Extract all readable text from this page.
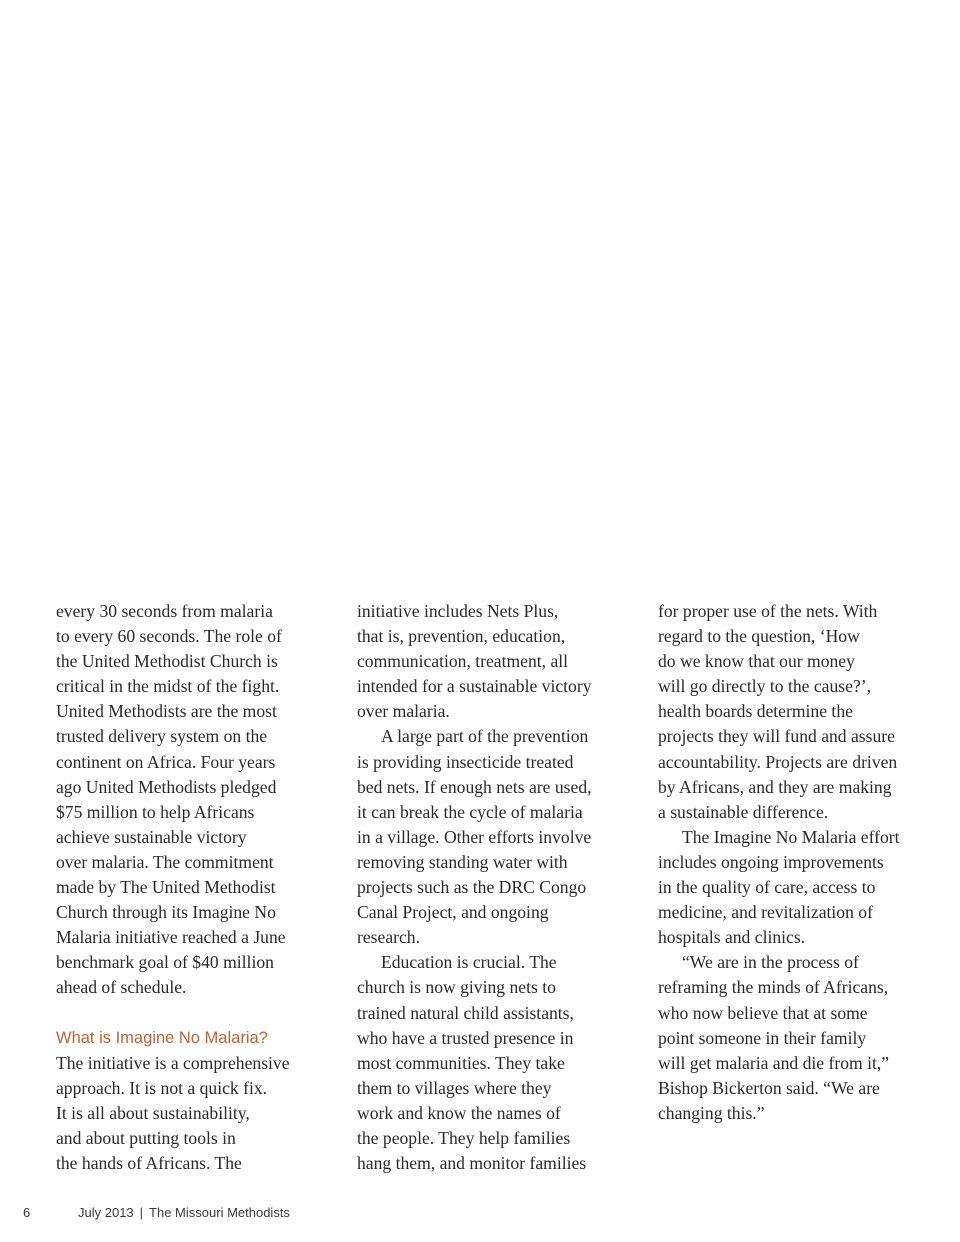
every 30 seconds from malaria
to every 60 seconds. The role of
the United Methodist Church is
critical in the midst of the fight.
United Methodists are the most
trusted delivery system on the
continent on Africa. Four years
ago United Methodists pledged
$75 million to help Africans
achieve sustainable victory
over malaria. The commitment
made by The United Methodist
Church through its Imagine No
Malaria initiative reached a June
benchmark goal of $40 million
ahead of schedule.
What is Imagine No Malaria?
The initiative is a comprehensive
approach. It is not a quick fix.
It is all about sustainability,
and about putting tools in
the hands of Africans. The
initiative includes Nets Plus,
that is, prevention, education,
communication, treatment, all
intended for a sustainable victory
over malaria.
A large part of the prevention
is providing insecticide treated
bed nets. If enough nets are used,
it can break the cycle of malaria
in a village. Other efforts involve
removing standing water with
projects such as the DRC Congo
Canal Project, and ongoing
research.
Education is crucial. The
church is now giving nets to
trained natural child assistants,
who have a trusted presence in
most communities. They take
them to villages where they
work and know the names of
the people. They help families
hang them, and monitor families
for proper use of the nets. With
regard to the question, ‘How
do we know that our money
will go directly to the cause?’,
health boards determine the
projects they will fund and assure
accountability. Projects are driven
by Africans, and they are making
a sustainable difference.
The Imagine No Malaria effort
includes ongoing improvements
in the quality of care, access to
medicine, and revitalization of
hospitals and clinics.
“We are in the process of
reframing the minds of Africans,
who now believe that at some
point someone in their family
will get malaria and die from it,”
Bishop Bickerton said. “We are
changing this.”
6	July 2013 | The Missouri Methodists
